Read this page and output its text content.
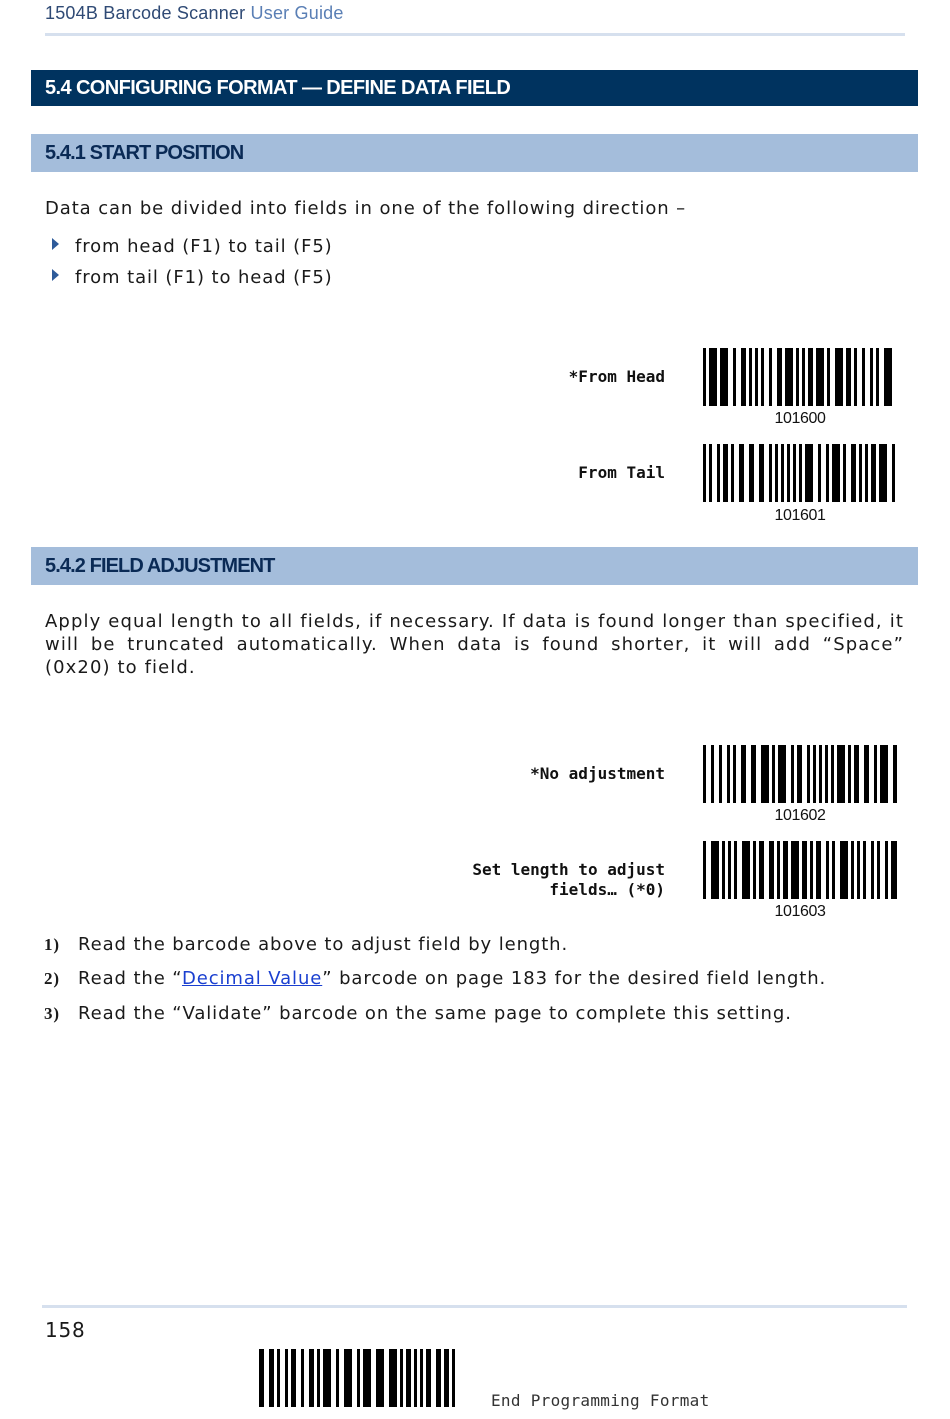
1504B Barcode Scanner User Guide
5.4 CONFIGURING FORMAT — DEFINE DATA FIELD
5.4.1 START POSITION
Data can be divided into fields in one of the following direction –
from head (F1) to tail (F5)
from tail (F1) to head (F5)
*From Head
101600
From Tail
101601
5.4.2 FIELD ADJUSTMENT
Apply equal length to all fields, if necessary. If data is found longer than specified, it will be truncated automatically. When data is found shorter, it will add “Space” (0x20) to field.
*No adjustment
101602
Set length to adjust
fields… (*0)
101603
1) Read the barcode above to adjust field by length.
2) Read the “Decimal Value” barcode on page 183 for the desired field length.
3) Read the “Validate” barcode on the same page to complete this setting.
158
End Programming Format
